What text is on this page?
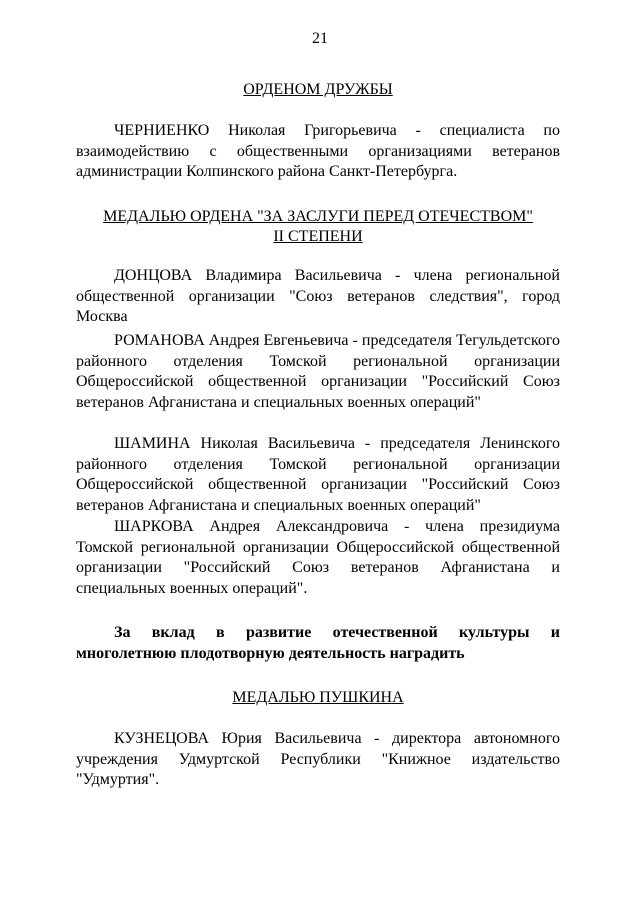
21
ОРДЕНОМ ДРУЖБЫ

ЧЕРНИЕНКО Николая Григорьевича - специалиста по взаимодействию с общественными организациями ветеранов администрации Колпинского района Санкт-Петербурга.

МЕДАЛЬЮ ОРДЕНА "ЗА ЗАСЛУГИ ПЕРЕД ОТЕЧЕСТВОМ"
II СТЕПЕНИ

ДОНЦОВА Владимира Васильевича - члена региональной общественной организации "Союз ветеранов следствия", город Москва

РОМАНОВА Андрея Евгеньевича - председателя Тегульдетского районного отделения Томской региональной организации Общероссийской общественной организации "Российский Союз ветеранов Афганистана и специальных военных операций"

ШАМИНА Николая Васильевича - председателя Ленинского районного отделения Томской региональной организации Общероссийской общественной организации "Российский Союз ветеранов Афганистана и специальных военных операций"

ШАРКОВА Андрея Александровича - члена президиума Томской региональной организации Общероссийской общественной организации "Российский Союз ветеранов Афганистана и специальных военных операций".

За вклад в развитие отечественной культуры и многолетнюю плодотворную деятельность наградить

МЕДАЛЬЮ ПУШКИНА

КУЗНЕЦОВА Юрия Васильевича - директора автономного учреждения Удмуртской Республики "Книжное издательство "Удмуртия".
